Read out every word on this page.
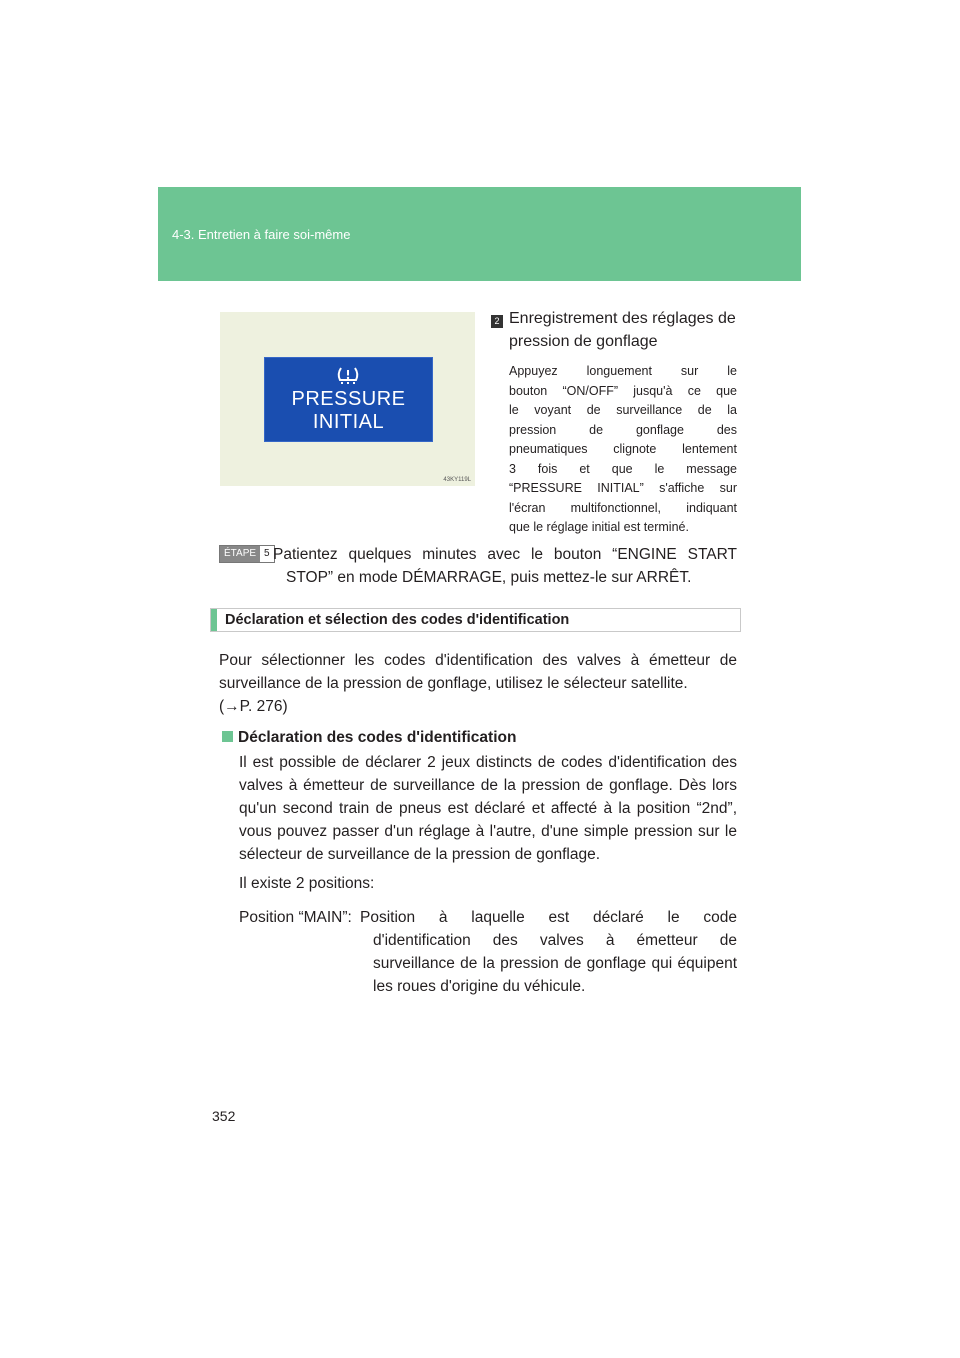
4-3. Entretien à faire soi-même
PRESSURE
INITIAL
43KY119L
2 Enregistrement des réglages de pression de gonflage
Appuyez longuement sur le
bouton “ON/OFF” jusqu'à ce que
le voyant de surveillance de la
pression de gonflage des
pneumatiques clignote lentement
3 fois et que le message
“PRESSURE INITIAL” s'affiche sur
l'écran multifonctionnel, indiquant
que le réglage initial est terminé.
ÉTAPE 5 Patientez quelques minutes avec le bouton “ENGINE START
STOP” en mode DÉMARRAGE, puis mettez-le sur ARRÊT.
Déclaration et sélection des codes d'identification
Pour sélectionner les codes d'identification des valves à émetteur de
surveillance de la pression de gonflage, utilisez le sélecteur satellite.
(→P. 276)
Déclaration des codes d'identification
Il est possible de déclarer 2 jeux distincts de codes d'identification des
valves à émetteur de surveillance de la pression de gonflage. Dès lors
qu'un second train de pneus est déclaré et affecté à la position “2nd”,
vous pouvez passer d'un réglage à l'autre, d'une simple pression sur le
sélecteur de surveillance de la pression de gonflage.
Il existe 2 positions:
Position “MAIN”: Position à laquelle est déclaré le code
d'identification des valves à émetteur de
surveillance de la pression de gonflage qui équipent
les roues d'origine du véhicule.
352
